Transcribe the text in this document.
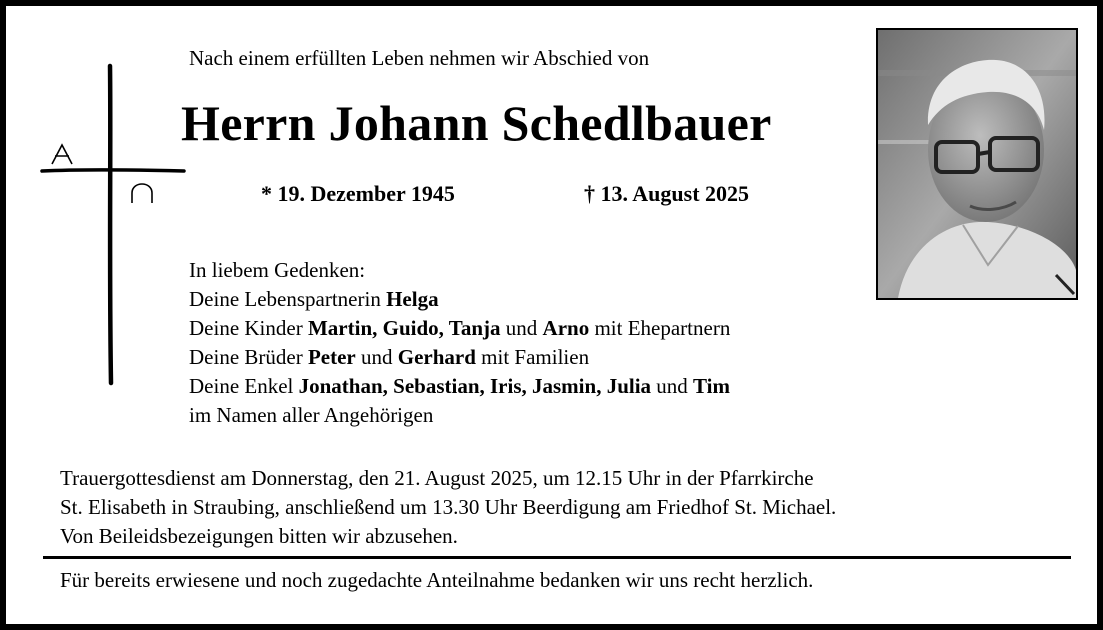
Nach einem erfüllten Leben nehmen wir Abschied von
Herrn Johann Schedlbauer
* 19. Dezember 1945	† 13. August 2025
In liebem Gedenken:
Deine Lebenspartnerin Helga
Deine Kinder Martin, Guido, Tanja und Arno mit Ehepartnern
Deine Brüder Peter und Gerhard mit Familien
Deine Enkel Jonathan, Sebastian, Iris, Jasmin, Julia und Tim
im Namen aller Angehörigen
Trauergottesdienst am Donnerstag, den 21. August 2025, um 12.15 Uhr in der Pfarrkirche
St. Elisabeth in Straubing, anschließend um 13.30 Uhr Beerdigung am Friedhof St. Michael.
Von Beileidsbezeigungen bitten wir abzusehen.
Für bereits erwiesene und noch zugedachte Anteilnahme bedanken wir uns recht herzlich.
